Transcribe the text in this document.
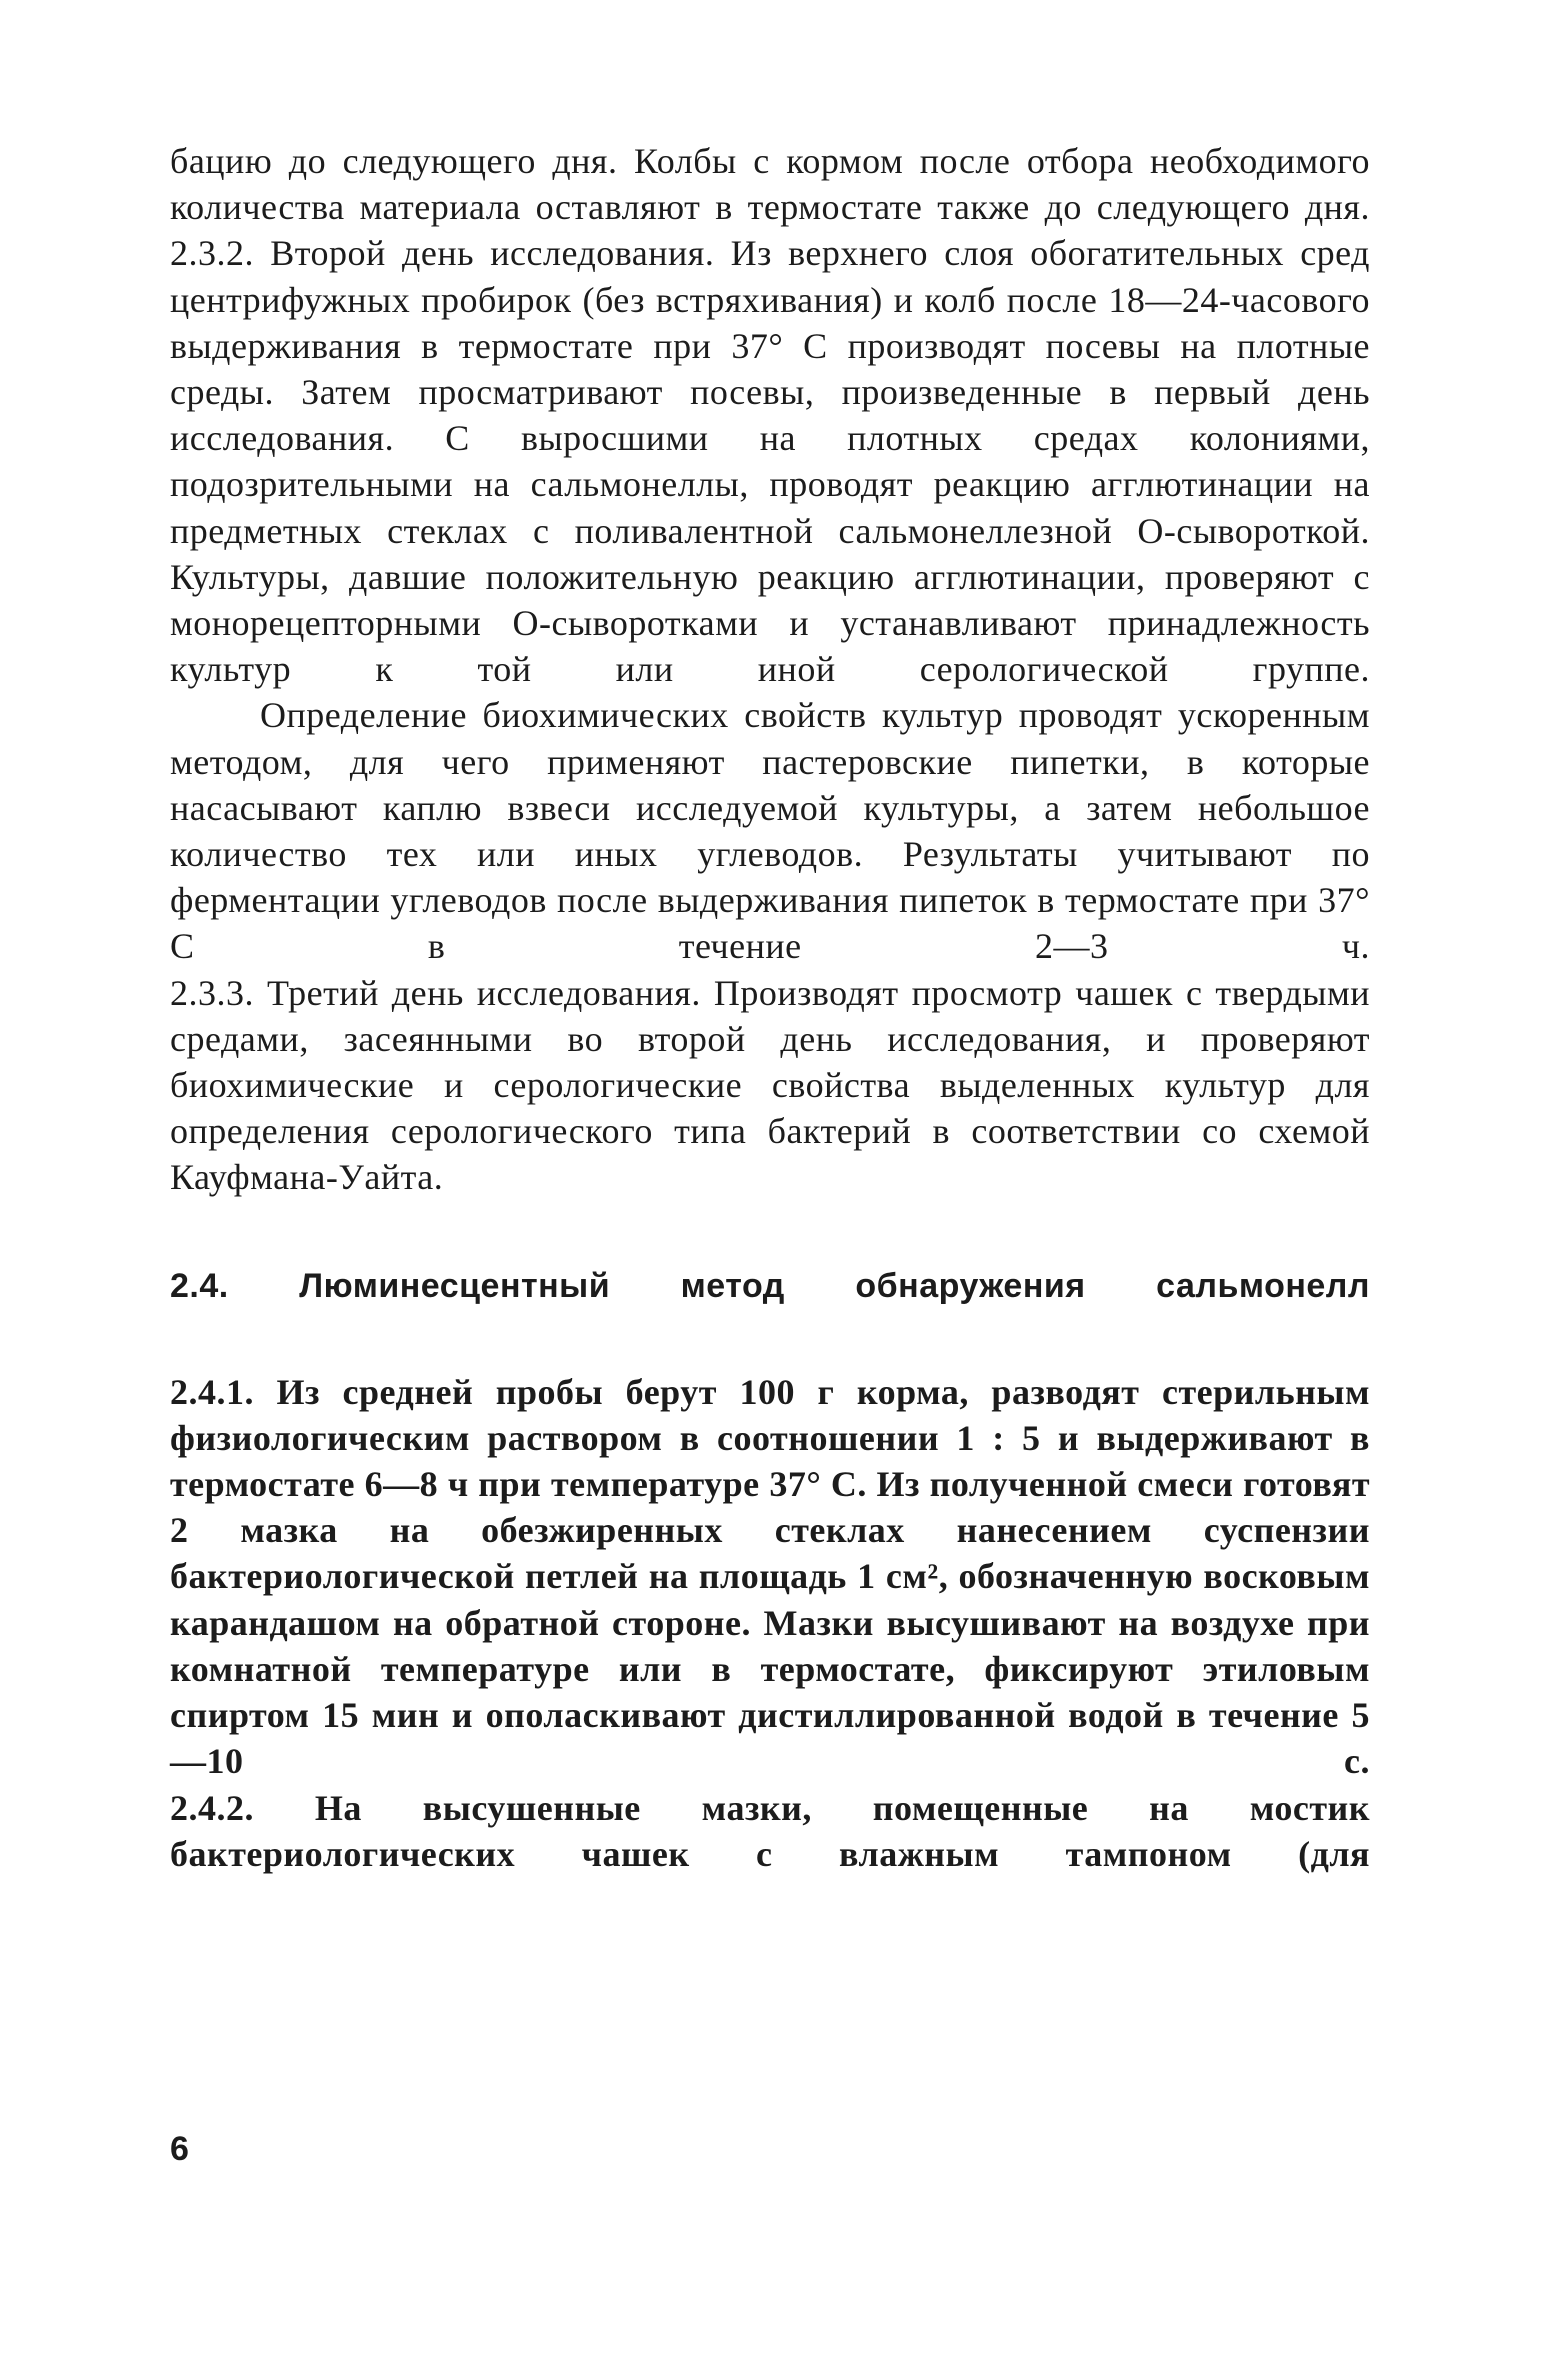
бацию до следующего дня. Колбы с кормом после отбора необходимого количества материала оставляют в термостате также до следующего дня.

2.3.2. Второй день исследования. Из верхнего слоя обогатительных сред центрифужных пробирок (без встряхивания) и колб после 18—24-часового выдерживания в термостате при 37° С производят посевы на плотные среды. Затем просматривают посевы, произведенные в первый день исследования. С выросшими на плотных средах колониями, подозрительными на сальмонеллы, проводят реакцию агглютинации на предметных стеклах с поливалентной сальмонеллезной О-сывороткой. Культуры, давшие положительную реакцию агглютинации, проверяют с монорецепторными О-сыворотками и устанавливают принадлежность культур к той или иной серологической группе.

Определение биохимических свойств культур проводят ускоренным методом, для чего применяют пастеровские пипетки, в которые насасывают каплю взвеси исследуемой культуры, а затем небольшое количество тех или иных углеводов. Результаты учитывают по ферментации углеводов после выдерживания пипеток в термостате при 37° С в течение 2—3 ч.

2.3.3. Третий день исследования. Производят просмотр чашек с твердыми средами, засеянными во второй день исследования, и проверяют биохимические и серологические свойства выделенных культур для определения серологического типа бактерий в соответствии со схемой Кауфмана-Уайта.

2.4. Люминесцентный метод обнаружения сальмонелл

2.4.1. Из средней пробы берут 100 г корма, разводят стерильным физиологическим раствором в соотношении 1 : 5 и выдерживают в термостате 6—8 ч при температуре 37° С. Из полученной смеси готовят 2 мазка на обезжиренных стеклах нанесением суспензии бактериологической петлей на площадь 1 см², обозначенную восковым карандашом на обратной стороне. Мазки высушивают на воздухе при комнатной температуре или в термостате, фиксируют этиловым спиртом 15 мин и ополаскивают дистиллированной водой в течение 5—10 с.

2.4.2. На высушенные мазки, помещенные на мостик бактериологических чашек с влажным тампоном (для

6
